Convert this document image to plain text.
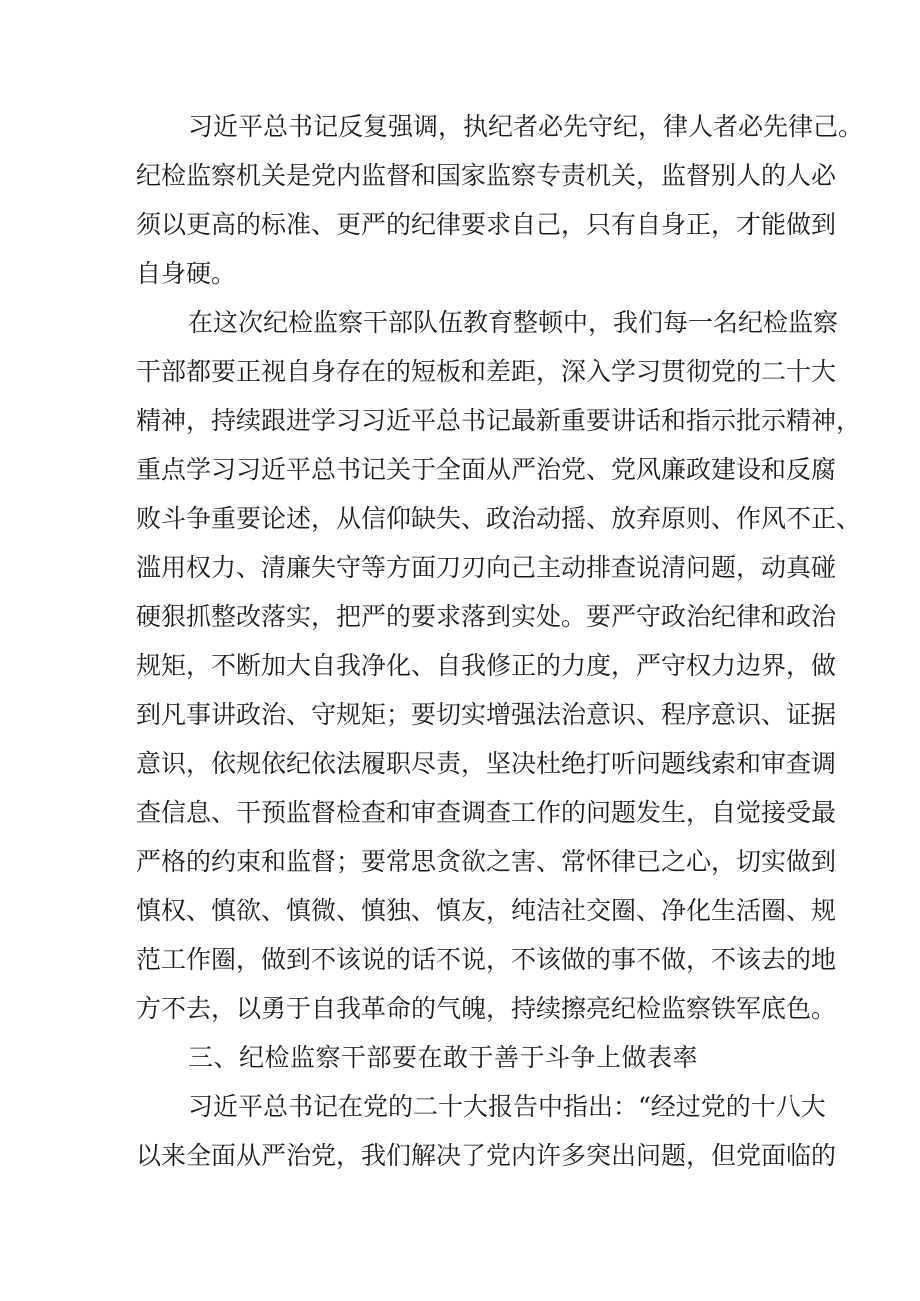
习近平总书记反复强调，执纪者必先守纪，律人者必先律己。
纪检监察机关是党内监督和国家监察专责机关，监督别人的人必
须以更高的标准、更严的纪律要求自己，只有自身正，才能做到
自身硬。
在这次纪检监察干部队伍教育整顿中，我们每一名纪检监察
干部都要正视自身存在的短板和差距，深入学习贯彻党的二十大
精神，持续跟进学习习近平总书记最新重要讲话和指示批示精神，
重点学习习近平总书记关于全面从严治党、党风廉政建设和反腐
败斗争重要论述，从信仰缺失、政治动摇、放弃原则、作风不正、
滥用权力、清廉失守等方面刀刃向己主动排查说清问题，动真碰
硬狠抓整改落实，把严的要求落到实处。要严守政治纪律和政治
规矩，不断加大自我净化、自我修正的力度，严守权力边界，做
到凡事讲政治、守规矩；要切实增强法治意识、程序意识、证据
意识，依规依纪依法履职尽责，坚决杜绝打听问题线索和审查调
查信息、干预监督检查和审查调查工作的问题发生，自觉接受最
严格的约束和监督；要常思贪欲之害、常怀律已之心，切实做到
慎权、慎欲、慎微、慎独、慎友，纯洁社交圈、净化生活圈、规
范工作圈，做到不该说的话不说，不该做的事不做，不该去的地
方不去，以勇于自我革命的气魄，持续擦亮纪检监察铁军底色。
三、纪检监察干部要在敢于善于斗争上做表率
习近平总书记在党的二十大报告中指出：“经过党的十八大
以来全面从严治党，我们解决了党内许多突出问题，但党面临的
